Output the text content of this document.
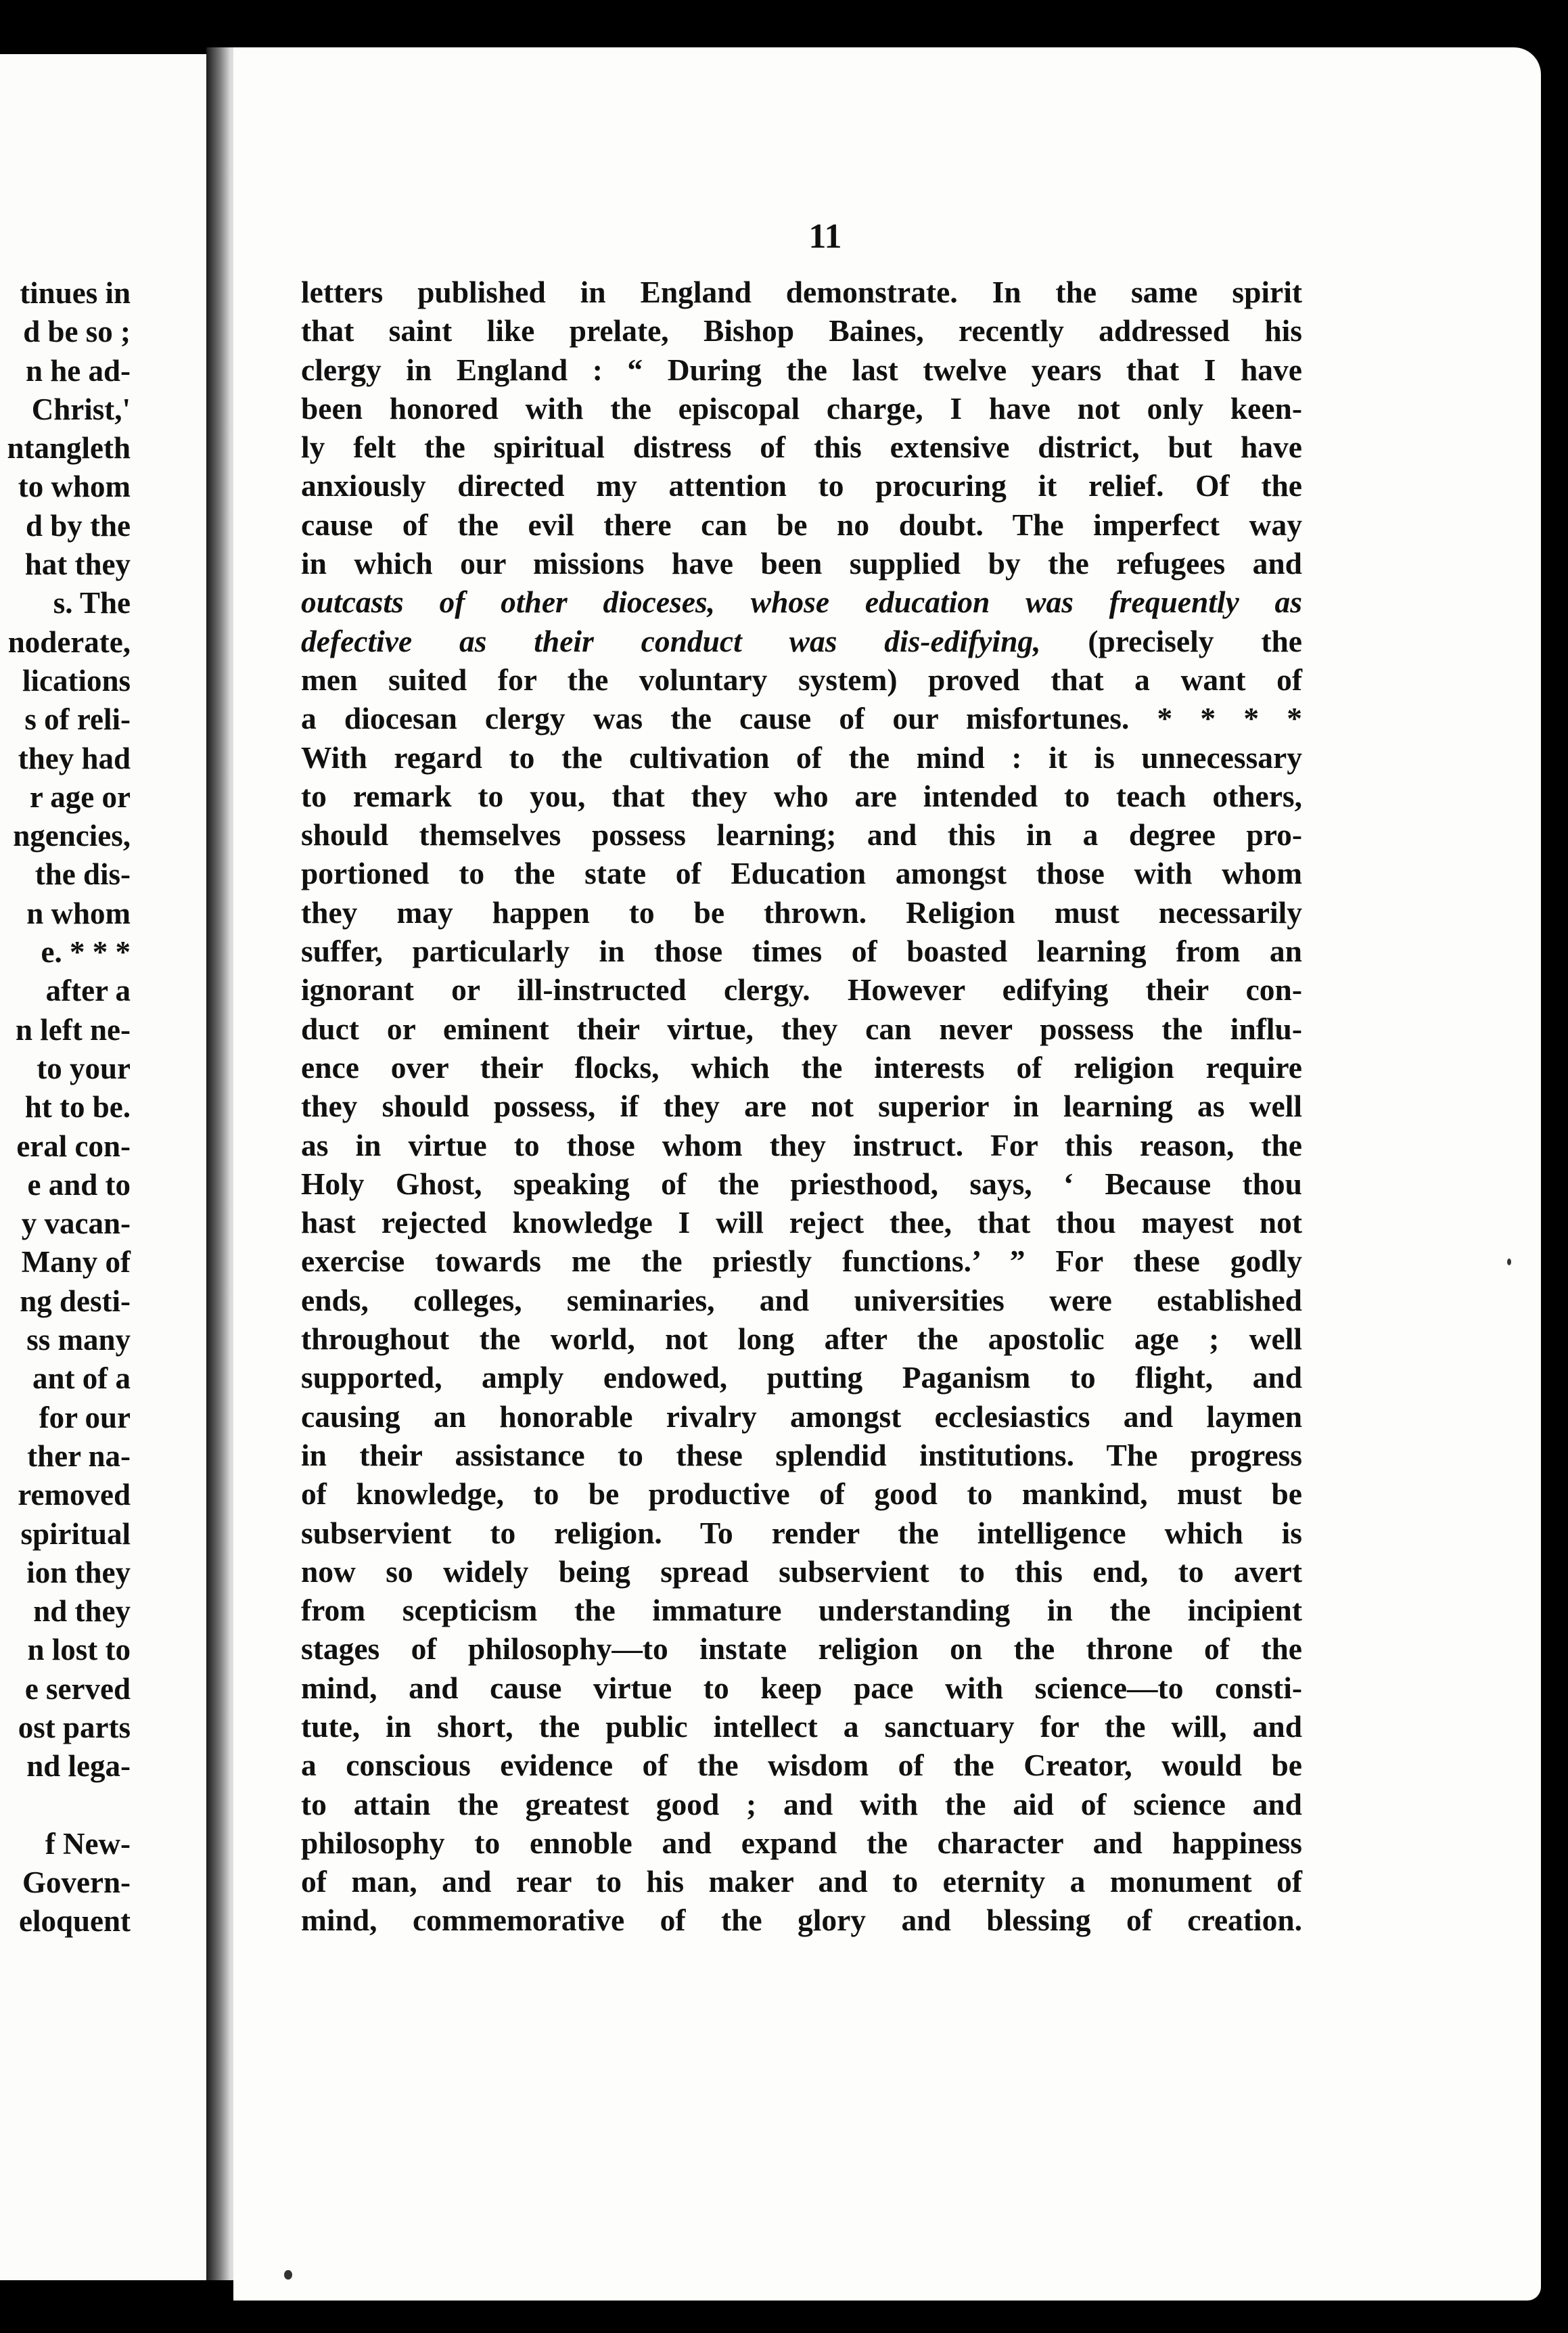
tinues in
d be so ;
n he ad-
Christ,'
ntangleth
to whom
d by the
hat they
s. The
noderate,
lications
s of reli-
they had
r age or
ngencies,
the dis-
n whom
e. * * *
after a
n left ne-
to your
ht to be.
eral con-
e and to
y vacan-
Many of
ng desti-
ss many
ant of a
for our
ther na-
removed
spiritual
ion they
nd they
n lost to
e served
ost parts
nd lega-
f New-
Govern-
eloquent
11
letters published in England demonstrate. In the same spirit
that saint like prelate, Bishop Baines, recently addressed his
clergy in England : “ During the last twelve years that I have
been honored with the episcopal charge, I have not only keen-
ly felt the spiritual distress of this extensive district, but have
anxiously directed my attention to procuring it relief. Of the
cause of the evil there can be no doubt. The imperfect way
in which our missions have been supplied by the refugees and
outcasts of other dioceses, whose education was frequently as
defective as their conduct was dis-edifying, (precisely the
men suited for the voluntary system) proved that a want of
a diocesan clergy was the cause of our misfortunes. * * * *
With regard to the cultivation of the mind : it is unnecessary
to remark to you, that they who are intended to teach others,
should themselves possess learning; and this in a degree pro-
portioned to the state of Education amongst those with whom
they may happen to be thrown. Religion must necessarily
suffer, particularly in those times of boasted learning from an
ignorant or ill-instructed clergy. However edifying their con-
duct or eminent their virtue, they can never possess the influ-
ence over their flocks, which the interests of religion require
they should possess, if they are not superior in learning as well
as in virtue to those whom they instruct. For this reason, the
Holy Ghost, speaking of the priesthood, says, ‘ Because thou
hast rejected knowledge I will reject thee, that thou mayest not
exercise towards me the priestly functions.’ ” For these godly
ends, colleges, seminaries, and universities were established
throughout the world, not long after the apostolic age ; well
supported, amply endowed, putting Paganism to flight, and
causing an honorable rivalry amongst ecclesiastics and laymen
in their assistance to these splendid institutions. The progress
of knowledge, to be productive of good to mankind, must be
subservient to religion. To render the intelligence which is
now so widely being spread subservient to this end, to avert
from scepticism the immature understanding in the incipient
stages of philosophy—to instate religion on the throne of the
mind, and cause virtue to keep pace with science—to consti-
tute, in short, the public intellect a sanctuary for the will, and
a conscious evidence of the wisdom of the Creator, would be
to attain the greatest good ; and with the aid of science and
philosophy to ennoble and expand the character and happiness
of man, and rear to his maker and to eternity a monument of
mind, commemorative of the glory and blessing of creation.
